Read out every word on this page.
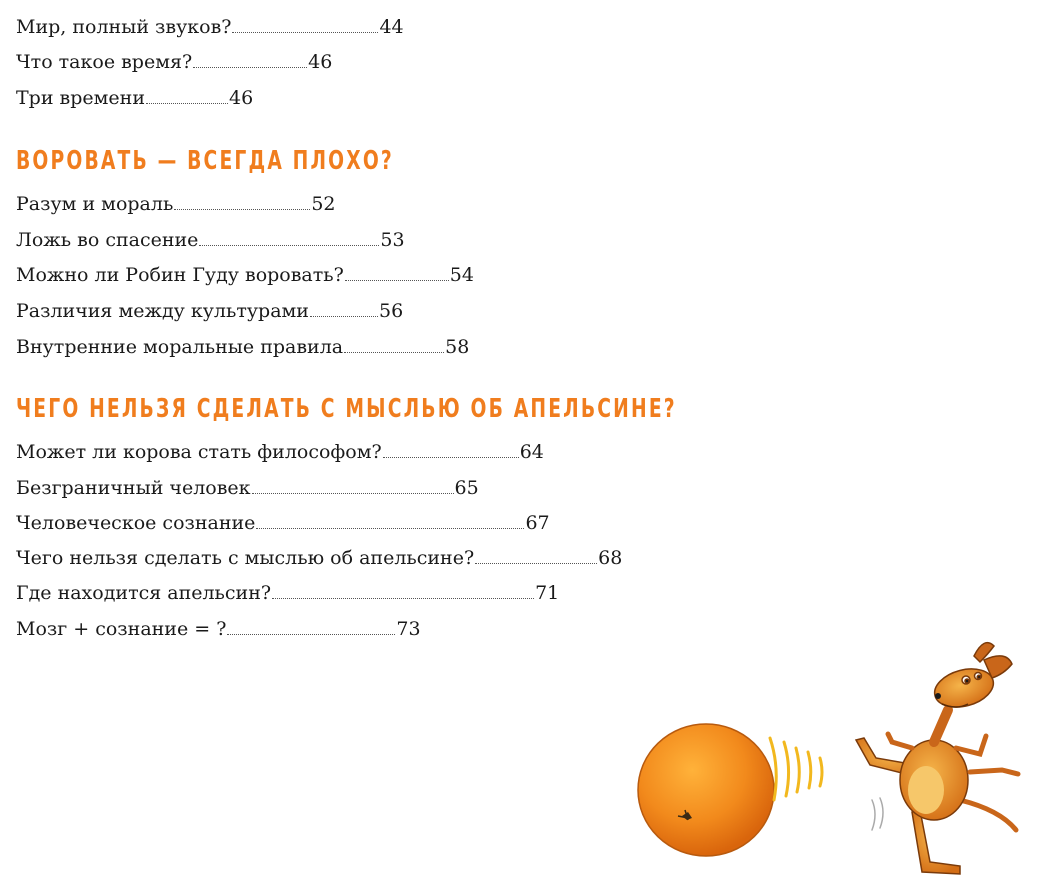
Мир, полный звуков?	44
Что такое время?	46
Три времени	46
ВОРОВАТЬ — ВСЕГДА ПЛОХО?
Разум и мораль	52
Ложь во спасение	53
Можно ли Робин Гуду воровать?	54
Различия между культурами	56
Внутренние моральные правила	58
ЧЕГО НЕЛЬЗЯ СДЕЛАТЬ С МЫСЛЬЮ ОБ АПЕЛЬСИНЕ?
Может ли корова стать философом?	64
Безграничный человек	65
Человеческое сознание	67
Чего нельзя сделать с мыслью об апельсине?	68
Где находится апельсин?	71
Мозг + сознание = ?	73
